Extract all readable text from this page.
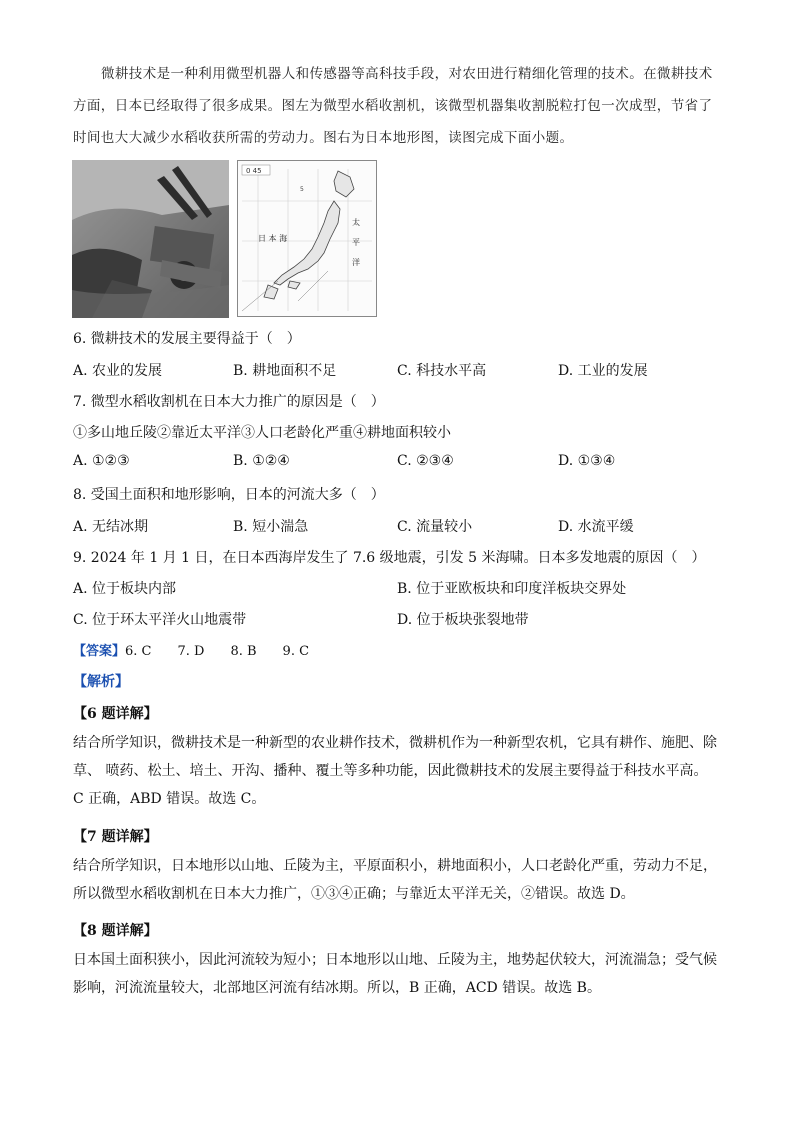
微耕技术是一种利用微型机器人和传感器等高科技手段，对农田进行精细化管理的技术。在微耕技术

方面，日本已经取得了很多成果。图左为微型水稻收割机，该微型机器集收割脱粒打包一次成型，节省了
时间也大大减少水稻收获所需的劳动力。图右为日本地形图，读图完成下面小题。
0 45
日 本 海
太
平
洋
5
6. 微耕技术的发展主要得益于（　）
A. 农业的发展	B. 耕地面积不足	C. 科技水平高	D. 工业的发展
7. 微型水稻收割机在日本大力推广的原因是（　）
①多山地丘陵②靠近太平洋③人口老龄化严重④耕地面积较小
A. ①②③	B. ①②④	C. ②③④	D. ①③④
8. 受国土面积和地形影响，日本的河流大多（　）
A. 无结冰期	B. 短小湍急	C. 流量较小	D. 水流平缓
9. 2024 年 1 月 1 日，在日本西海岸发生了 7.6 级地震，引发 5 米海啸。日本多发地震的原因（　）
A. 位于板块内部	B. 位于亚欧板块和印度洋板块交界处
C. 位于环太平洋火山地震带	D. 位于板块张裂地带
【答案】6. C　　7. D　　8. B　　9. C
【解析】
【6 题详解】
结合所学知识，微耕技术是一种新型的农业耕作技术，微耕机作为一种新型农机，它具有耕作、施肥、除
草、 喷药、松土、培土、开沟、播种、覆土等多种功能，因此微耕技术的发展主要得益于科技水平高。
C 正确，ABD 错误。故选 C。
【7 题详解】
结合所学知识，日本地形以山地、丘陵为主，平原面积小，耕地面积小，人口老龄化严重，劳动力不足，
所以微型水稻收割机在日本大力推广，①③④正确；与靠近太平洋无关，②错误。故选 D。
【8 题详解】
日本国土面积狭小，因此河流较为短小；日本地形以山地、丘陵为主，地势起伏较大，河流湍急；受气候
影响，河流流量较大，北部地区河流有结冰期。所以，B 正确，ACD 错误。故选 B。
